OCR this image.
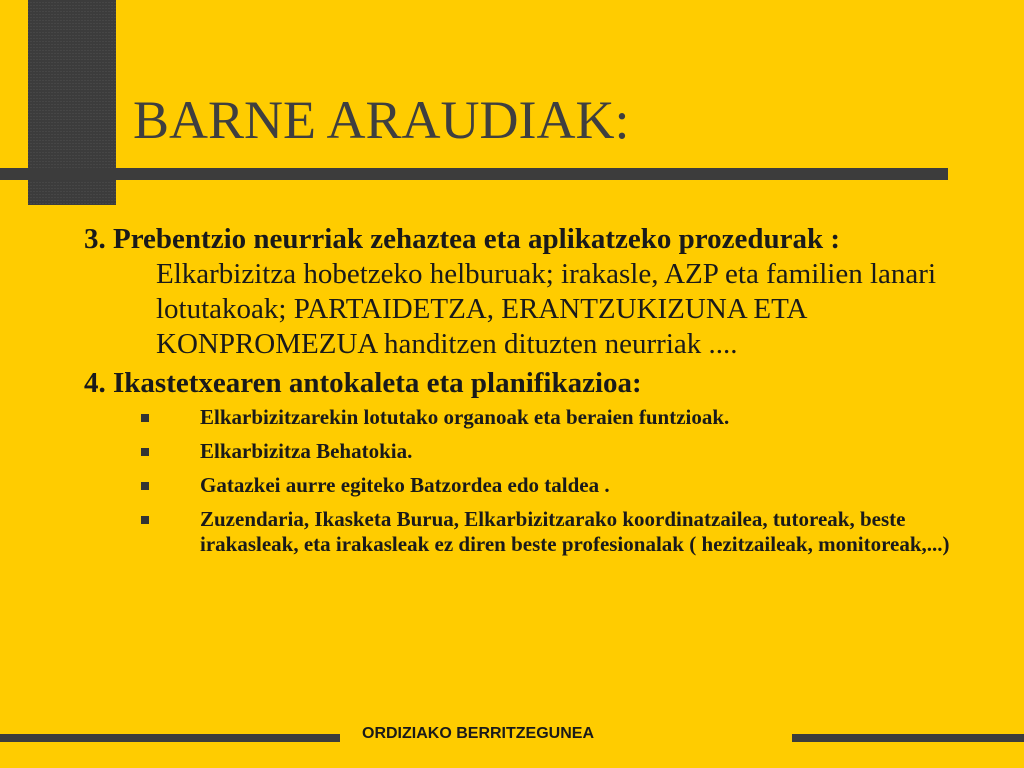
BARNE ARAUDIAK:

3. Prebentzio neurriak zehaztea eta aplikatzeko prozedurak : Elkarbizitza hobetzeko helburuak; irakasle, AZP eta familien lanari lotutakoak; PARTAIDETZA, ERANTZUKIZUNA ETA KONPROMEZUA handitzen dituzten neurriak ....

4. Ikastetxearen antokaleta eta planifikazioa:

Elkarbizitzarekin lotutako organoak eta beraien funtzioak.
Elkarbizitza Behatokia.
Gatazkei aurre egiteko Batzordea edo taldea .
Zuzendaria, Ikasketa Burua, Elkarbizitzarako koordinatzailea, tutoreak, beste irakasleak, eta irakasleak ez diren beste profesionalak ( hezitzaileak, monitoreak,...)
ORDIZIAKO BERRITZEGUNEA
